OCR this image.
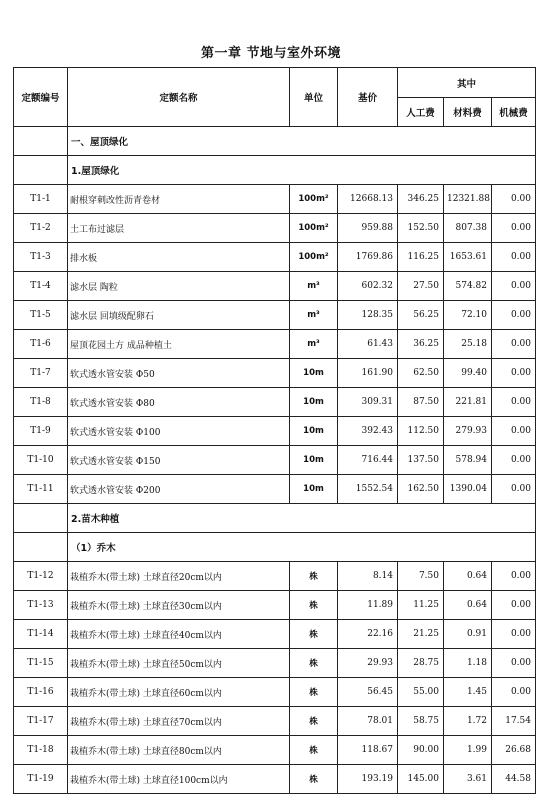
第一章 节地与室外环境
定额编号	定额名称	单位	基价	其中		
				人工费	材料费	机械费
	一、屋顶绿化					
	1.屋顶绿化					
T1-1	耐根穿刺改性沥青卷材	100m²	12668.13	346.25	12321.88	0.00
T1-2	土工布过滤层	100m²	959.88	152.50	807.38	0.00
T1-3	排水板	100m²	1769.86	116.25	1653.61	0.00
T1-4	滤水层 陶粒	m³	602.32	27.50	574.82	0.00
T1-5	滤水层 回填级配卵石	m³	128.35	56.25	72.10	0.00
T1-6	屋顶花园土方 成品种植土	m³	61.43	36.25	25.18	0.00
T1-7	软式透水管安装 Φ50	10m	161.90	62.50	99.40	0.00
T1-8	软式透水管安装 Φ80	10m	309.31	87.50	221.81	0.00
T1-9	软式透水管安装 Φ100	10m	392.43	112.50	279.93	0.00
T1-10	软式透水管安装 Φ150	10m	716.44	137.50	578.94	0.00
T1-11	软式透水管安装 Φ200	10m	1552.54	162.50	1390.04	0.00
	2.苗木种植					
	（1）乔木					
T1-12	栽植乔木(带土球) 土球直径20cm以内	株	8.14	7.50	0.64	0.00
T1-13	栽植乔木(带土球) 土球直径30cm以内	株	11.89	11.25	0.64	0.00
T1-14	栽植乔木(带土球) 土球直径40cm以内	株	22.16	21.25	0.91	0.00
T1-15	栽植乔木(带土球) 土球直径50cm以内	株	29.93	28.75	1.18	0.00
T1-16	栽植乔木(带土球) 土球直径60cm以内	株	56.45	55.00	1.45	0.00
T1-17	栽植乔木(带土球) 土球直径70cm以内	株	78.01	58.75	1.72	17.54
T1-18	栽植乔木(带土球) 土球直径80cm以内	株	118.67	90.00	1.99	26.68
T1-19	栽植乔木(带土球) 土球直径100cm以内	株	193.19	145.00	3.61	44.58
